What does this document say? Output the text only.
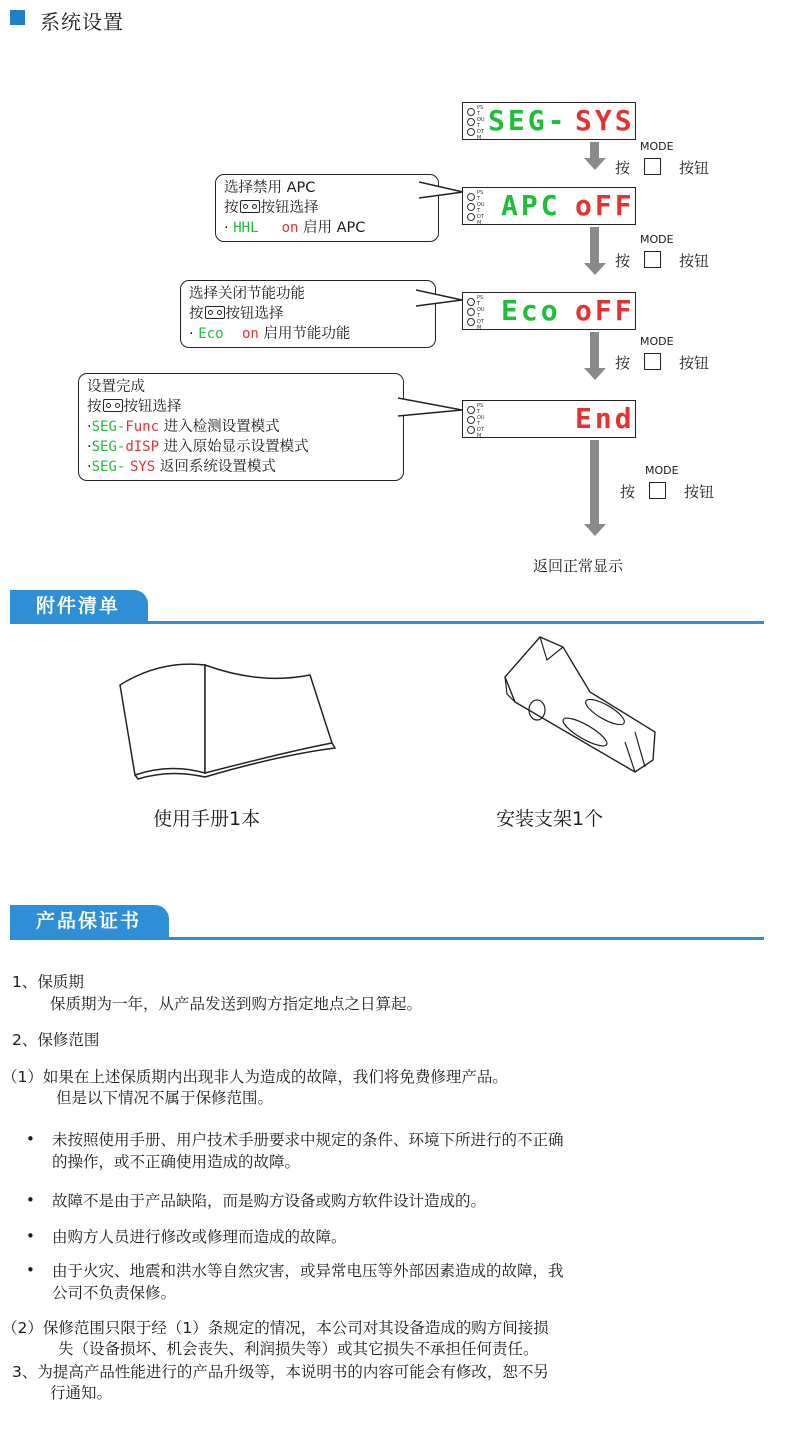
系统设置
PST OUT DTM
SEG- SYS
按
MODE
按钮
PST OUT DTM
APC oFF
按
MODE
按钮
选择禁用 APC
按 按钮选择
· HHL on 启用 APC
PST OUT DTM
Eco oFF
按
MODE
按钮
选择关闭节能功能
按 按钮选择
· Eco on 启用节能功能
PST OUT DTM
End
按
MODE
按钮
设置完成
按 按钮选择
·SEG-Func 进入检测设置模式
·SEG-dISP 进入原始显示设置模式
·SEG- SYS 返回系统设置模式
返回正常显示
附件清单
使用手册1本	安装支架1个
产品保证书
1、保质期
保质期为一年，从产品发送到购方指定地点之日算起。
2、保修范围
（1）如果在上述保质期内出现非人为造成的故障，我们将免费修理产品。
但是以下情况不属于保修范围。
• 未按照使用手册、用户技术手册要求中规定的条件、环境下所进行的不正确
的操作，或不正确使用造成的故障。
• 故障不是由于产品缺陷，而是购方设备或购方软件设计造成的。
• 由购方人员进行修改或修理而造成的故障。
• 由于火灾、地震和洪水等自然灾害，或异常电压等外部因素造成的故障，我
公司不负责保修。
（2）保修范围只限于经（1）条规定的情况，本公司对其设备造成的购方间接损
失（设备损坏、机会丧失、利润损失等）或其它损失不承担任何责任。
3、为提高产品性能进行的产品升级等，本说明书的内容可能会有修改，恕不另
行通知。
